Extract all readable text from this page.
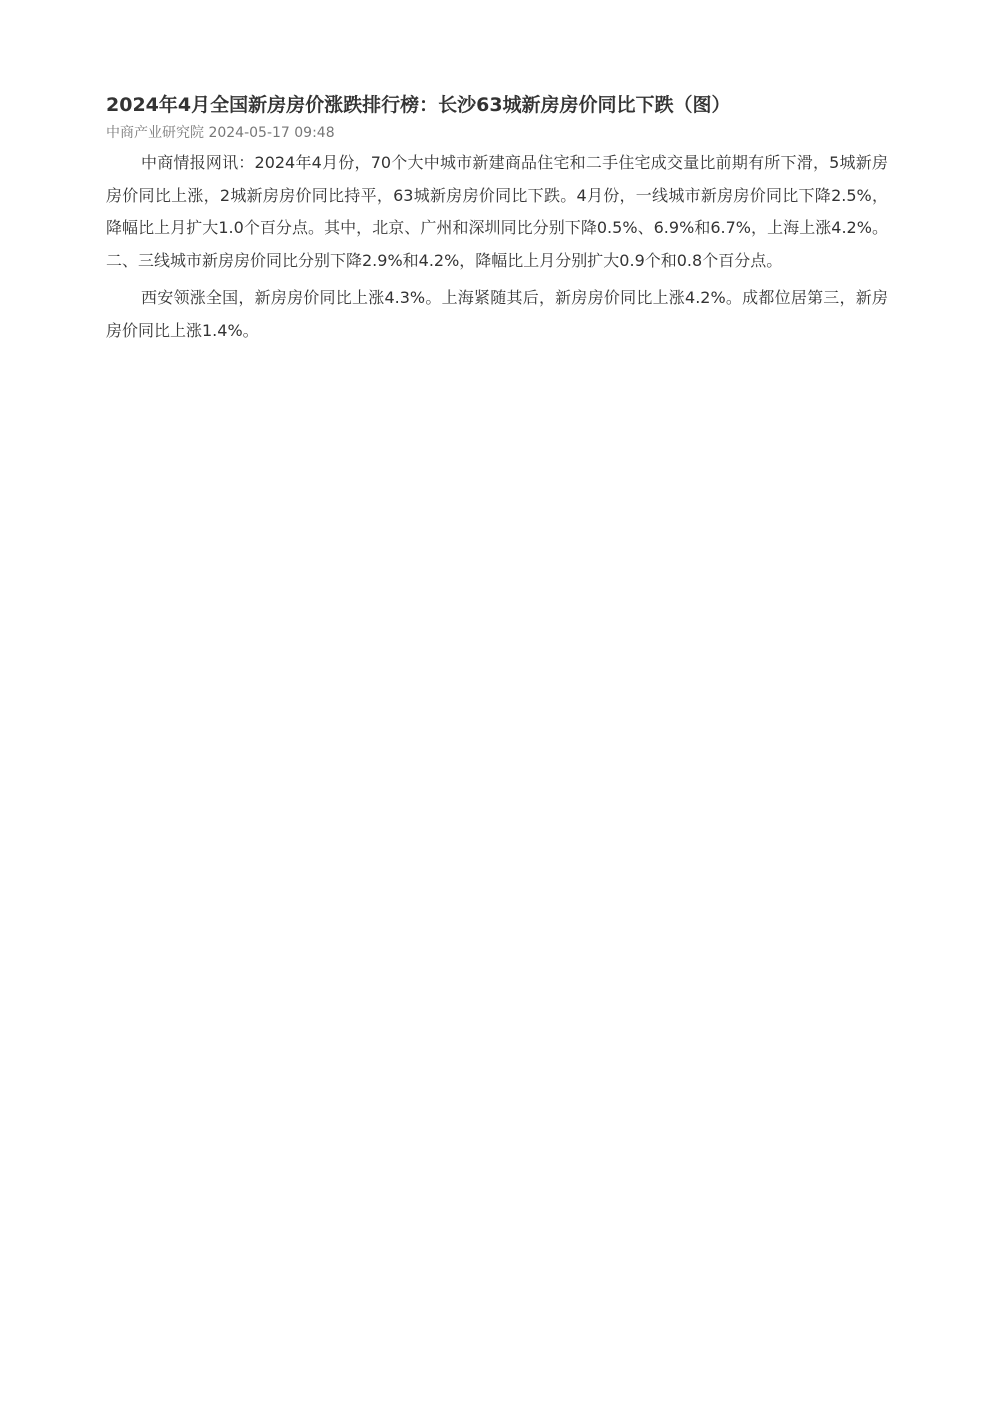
2024年4月全国新房房价涨跌排行榜：长沙63城新房房价同比下跌（图）

中商产业研究院 2024-05-17 09:48

中商情报网讯：2024年4月份，70个大中城市新建商品住宅和二手住宅成交量比前期有所下滑，5城新房房价同比上涨，2城新房房价同比持平，63城新房房价同比下跌。4月份，一线城市新房房价同比下降2.5%，降幅比上月扩大1.0个百分点。其中，北京、广州和深圳同比分别下降0.5%、6.9%和6.7%，上海上涨4.2%。二、三线城市新房房价同比分别下降2.9%和4.2%，降幅比上月分别扩大0.9个和0.8个百分点。

西安领涨全国，新房房价同比上涨4.3%。上海紧随其后，新房房价同比上涨4.2%。成都位居第三，新房房价同比上涨1.4%。
